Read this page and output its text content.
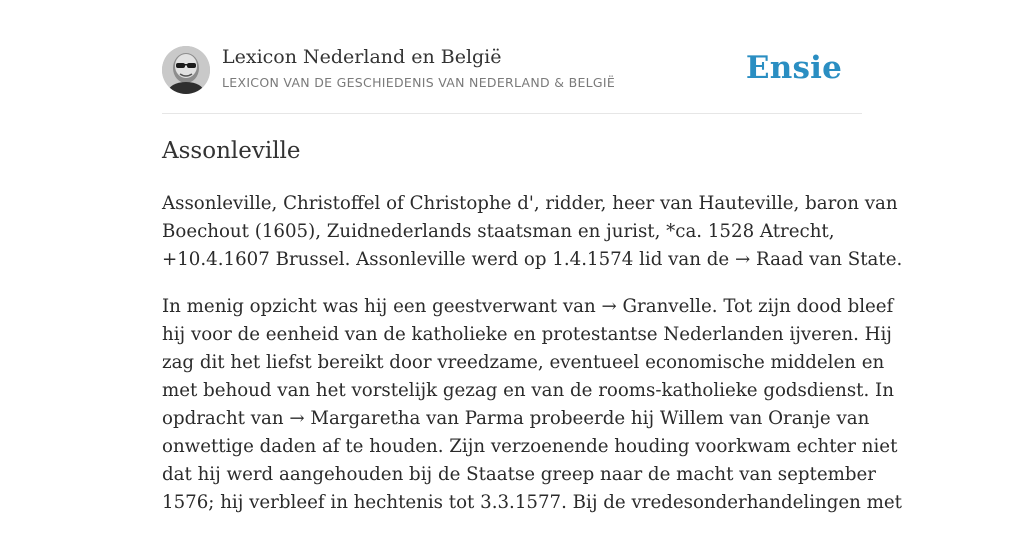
Lexicon Nederland en België
LEXICON VAN DE GESCHIEDENIS VAN NEDERLAND & BELGIË	Ensie
Assonleville

Assonleville, Christoffel of Christophe d', ridder, heer van Hauteville, baron van
Boechout (1605), Zuidnederlands staatsman en jurist, *ca. 1528 Atrecht,
+10.4.1607 Brussel. Assonleville werd op 1.4.1574 lid van de → Raad van State.

In menig opzicht was hij een geestverwant van → Granvelle. Tot zijn dood bleef
hij voor de eenheid van de katholieke en protestantse Nederlanden ijveren. Hij
zag dit het liefst bereikt door vreedzame, eventueel economische middelen en
met behoud van het vorstelijk gezag en van de rooms-katholieke godsdienst. In
opdracht van → Margaretha van Parma probeerde hij Willem van Oranje van
onwettige daden af te houden. Zijn verzoenende houding voorkwam echter niet
dat hij werd aangehouden bij de Staatse greep naar de macht van september
1576; hij verbleef in hechtenis tot 3.3.1577. Bij de vredesonderhandelingen met
